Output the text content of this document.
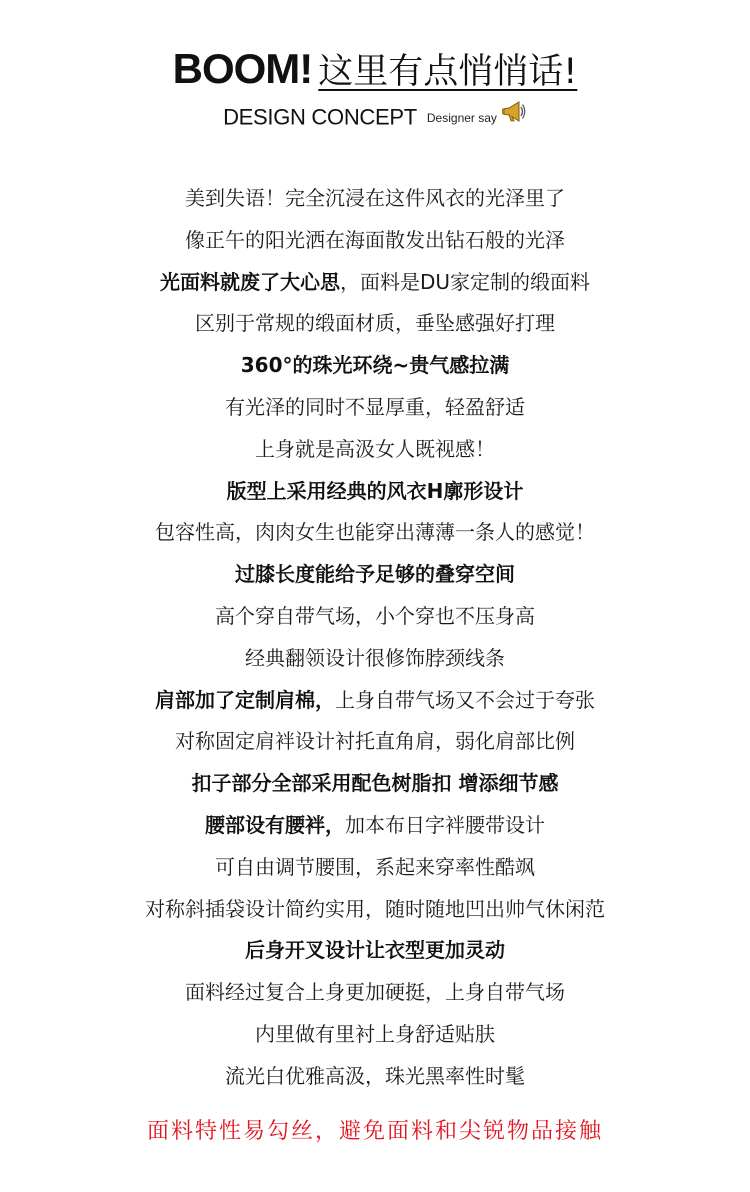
BOOM! 这里有点悄悄话!
DESIGN CONCEPT Designer say
美到失语！完全沉浸在这件风衣的光泽里了
像正午的阳光洒在海面散发出钻石般的光泽
光面料就废了大心思，面料是DU家定制的缎面料
区别于常规的缎面材质，垂坠感强好打理
360°的珠光环绕~贵气感拉满
有光泽的同时不显厚重，轻盈舒适
上身就是高汲女人既视感！
版型上采用经典的风衣H廓形设计
包容性高，肉肉女生也能穿出薄薄一条人的感觉！
过膝长度能给予足够的叠穿空间
高个穿自带气场，小个穿也不压身高
经典翻领设计很修饰脖颈线条
肩部加了定制肩棉，上身自带气场又不会过于夸张
对称固定肩袢设计衬托直角肩，弱化肩部比例
扣子部分全部采用配色树脂扣 增添细节感
腰部设有腰袢，加本布日字袢腰带设计
可自由调节腰围，系起来穿率性酷飒
对称斜插袋设计简约实用，随时随地凹出帅气休闲范
后身开叉设计让衣型更加灵动
面料经过复合上身更加硬挺，上身自带气场
内里做有里衬上身舒适贴肤
流光白优雅高汲，珠光黑率性时髦
面料特性易勾丝，避免面料和尖锐物品接触
